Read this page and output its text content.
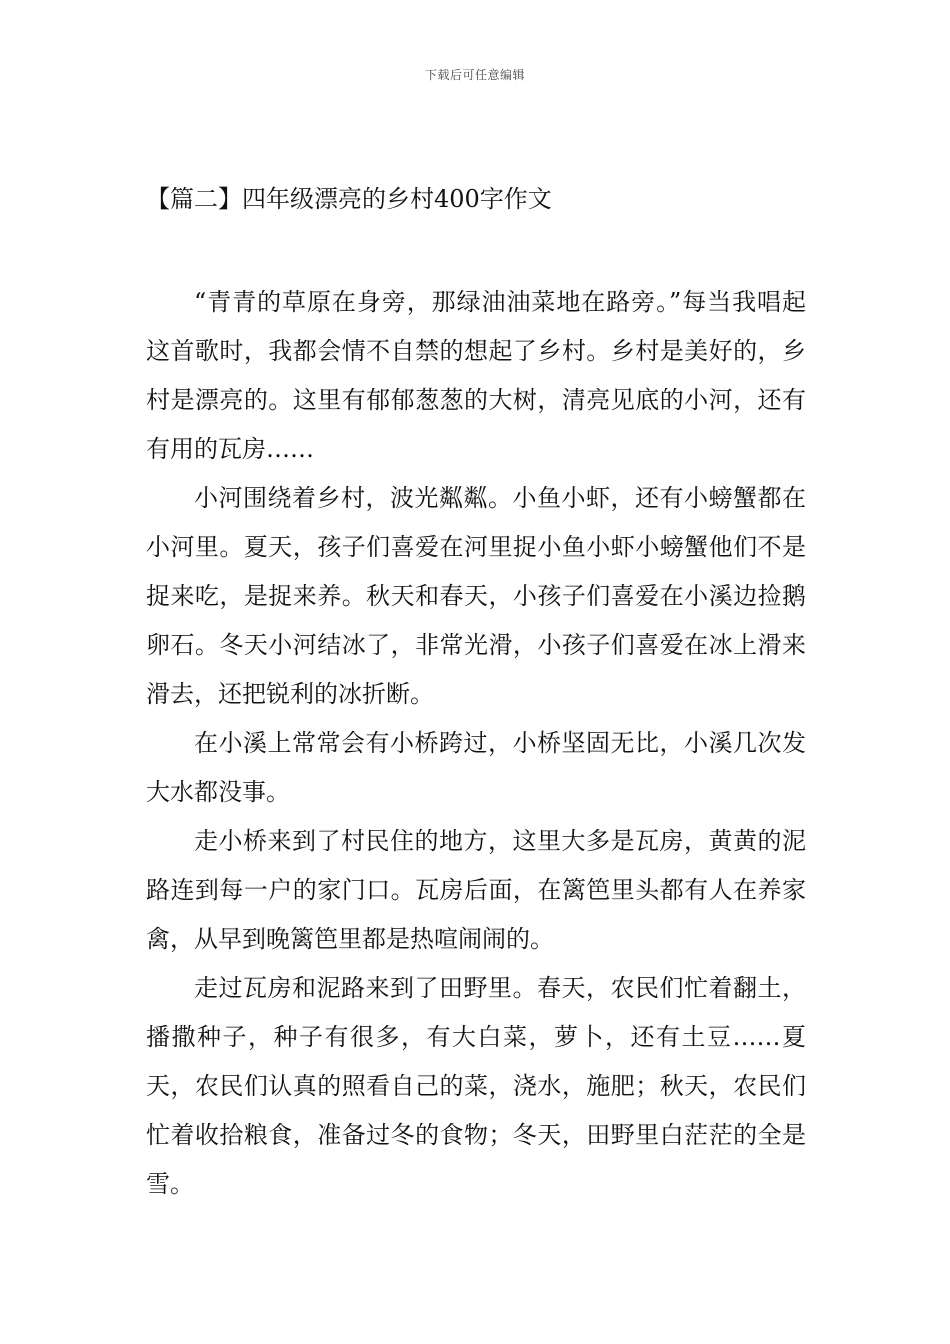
下载后可任意编辑
【篇二】四年级漂亮的乡村400字作文

“青青的草原在身旁，那绿油油菜地在路旁。”每当我唱起这首歌时，我都会情不自禁的想起了乡村。乡村是美好的，乡村是漂亮的。这里有郁郁葱葱的大树，清亮见底的小河，还有有用的瓦房……

小河围绕着乡村，波光粼粼。小鱼小虾，还有小螃蟹都在小河里。夏天，孩子们喜爱在河里捉小鱼小虾小螃蟹他们不是捉来吃，是捉来养。秋天和春天，小孩子们喜爱在小溪边捡鹅卵石。冬天小河结冰了，非常光滑，小孩子们喜爱在冰上滑来滑去，还把锐利的冰折断。

在小溪上常常会有小桥跨过，小桥坚固无比，小溪几次发大水都没事。

走小桥来到了村民住的地方，这里大多是瓦房，黄黄的泥路连到每一户的家门口。瓦房后面，在篱笆里头都有人在养家禽，从早到晚篱笆里都是热喧闹闹的。

走过瓦房和泥路来到了田野里。春天，农民们忙着翻土，播撒种子，种子有很多，有大白菜，萝卜，还有土豆……夏天，农民们认真的照看自己的菜，浇水，施肥；秋天，农民们忙着收拾粮食，准备过冬的食物；冬天，田野里白茫茫的全是雪。
